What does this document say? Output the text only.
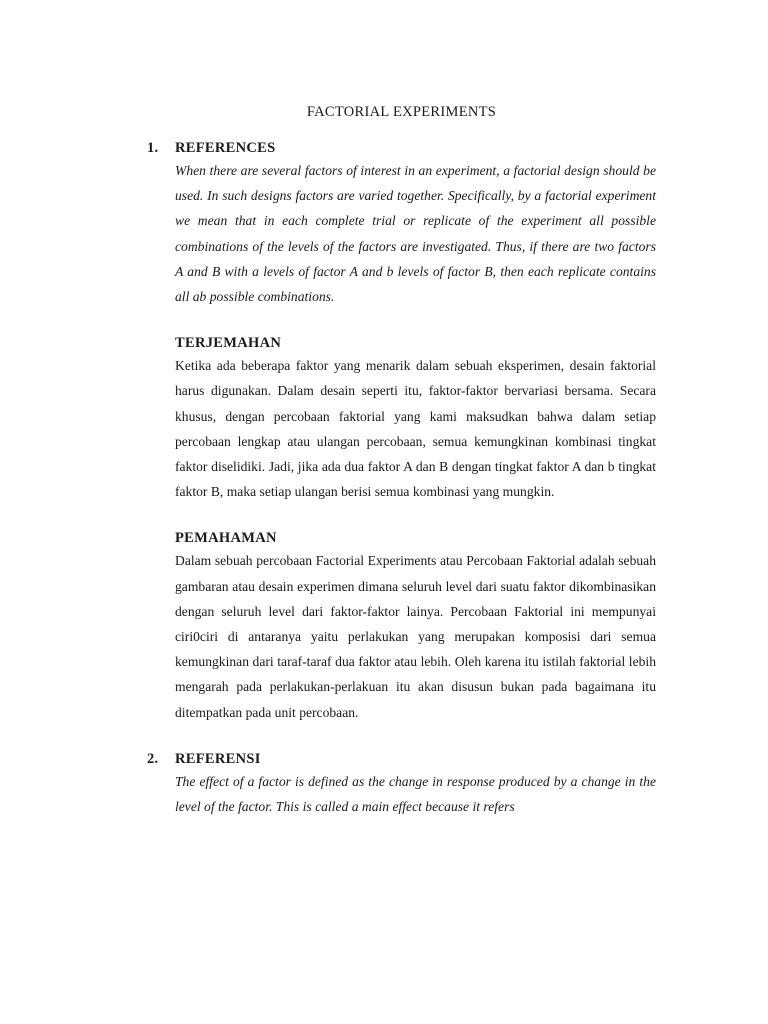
FACTORIAL EXPERIMENTS
1.	REFERENCES

When there are several factors of interest in an experiment, a factorial design should be used. In such designs factors are varied together. Specifically, by a factorial experiment we mean that in each complete trial or replicate of the experiment all possible combinations of the levels of the factors are investigated. Thus, if there are two factors A and B with a levels of factor A and b levels of factor B, then each replicate contains all ab possible combinations.

TERJEMAHAN

Ketika ada beberapa faktor yang menarik dalam sebuah eksperimen, desain faktorial harus digunakan. Dalam desain seperti itu, faktor-faktor bervariasi bersama. Secara khusus, dengan percobaan faktorial yang kami maksudkan bahwa dalam setiap percobaan lengkap atau ulangan percobaan, semua kemungkinan kombinasi tingkat faktor diselidiki. Jadi, jika ada dua faktor A dan B dengan tingkat faktor A dan b tingkat faktor B, maka setiap ulangan berisi semua kombinasi yang mungkin.

PEMAHAMAN

Dalam sebuah percobaan Factorial Experiments atau Percobaan Faktorial adalah sebuah gambaran atau desain experimen dimana seluruh level dari suatu faktor dikombinasikan dengan seluruh level dari faktor-faktor lainya. Percobaan Faktorial ini mempunyai ciri0ciri di antaranya yaitu perlakukan yang merupakan komposisi dari semua kemungkinan dari taraf-taraf dua faktor atau lebih. Oleh karena itu istilah faktorial lebih mengarah pada perlakukan-perlakuan itu akan disusun bukan pada bagaimana itu ditempatkan pada unit percobaan.

2.	REFERENSI

The effect of a factor is defined as the change in response produced by a change in the level of the factor. This is called a main effect because it refers
